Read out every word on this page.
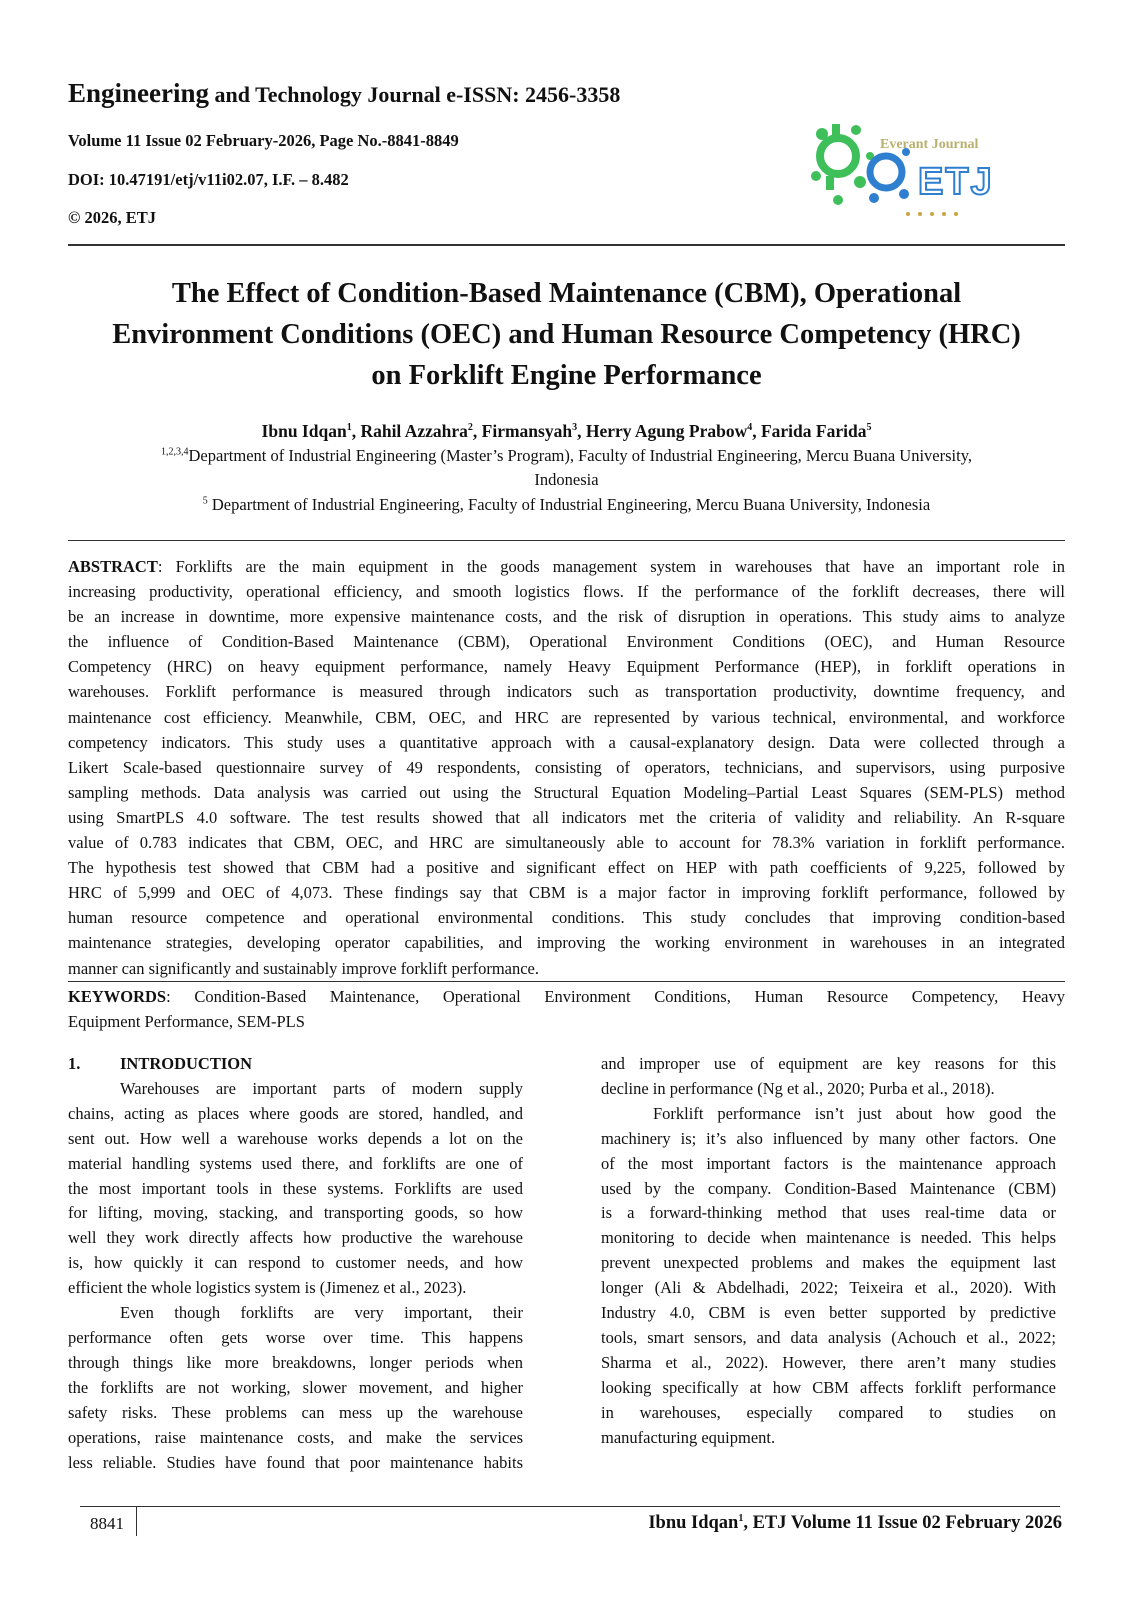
Engineering and Technology Journal e-ISSN: 2456-3358
Volume 11 Issue 02 February-2026, Page No.-8841-8849
DOI: 10.47191/etj/v11i02.07, I.F. – 8.482
© 2026, ETJ
Everant Journal
ETJ
The Effect of Condition-Based Maintenance (CBM), Operational
Environment Conditions (OEC) and Human Resource Competency (HRC)
on Forklift Engine Performance
Ibnu Idqan$^1$, Rahil Azzahra$^2$, Firmansyah$^3$, Herry Agung Prabow$^4$, Farida Farida$^5$
$^{1,2,3,4}$Department of Industrial Engineering (Master’s Program), Faculty of Industrial Engineering, Mercu Buana University,
Indonesia
$^5$ Department of Industrial Engineering, Faculty of Industrial Engineering, Mercu Buana University, Indonesia
ABSTRACT: Forklifts are the main equipment in the goods management system in warehouses that have an important role in
increasing productivity, operational efficiency, and smooth logistics flows. If the performance of the forklift decreases, there will
be an increase in downtime, more expensive maintenance costs, and the risk of disruption in operations. This study aims to analyze
the influence of Condition-Based Maintenance (CBM), Operational Environment Conditions (OEC), and Human Resource
Competency (HRC) on heavy equipment performance, namely Heavy Equipment Performance (HEP), in forklift operations in
warehouses. Forklift performance is measured through indicators such as transportation productivity, downtime frequency, and
maintenance cost efficiency. Meanwhile, CBM, OEC, and HRC are represented by various technical, environmental, and workforce
competency indicators. This study uses a quantitative approach with a causal-explanatory design. Data were collected through a
Likert Scale-based questionnaire survey of 49 respondents, consisting of operators, technicians, and supervisors, using purposive
sampling methods. Data analysis was carried out using the Structural Equation Modeling–Partial Least Squares (SEM-PLS) method
using SmartPLS 4.0 software. The test results showed that all indicators met the criteria of validity and reliability. An R-square
value of 0.783 indicates that CBM, OEC, and HRC are simultaneously able to account for 78.3% variation in forklift performance.
The hypothesis test showed that CBM had a positive and significant effect on HEP with path coefficients of 9,225, followed by
HRC of 5,999 and OEC of 4,073. These findings say that CBM is a major factor in improving forklift performance, followed by
human resource competence and operational environmental conditions. This study concludes that improving condition-based
maintenance strategies, developing operator capabilities, and improving the working environment in warehouses in an integrated
manner can significantly and sustainably improve forklift performance.
KEYWORDS: Condition-Based Maintenance, Operational Environment Conditions, Human Resource Competency, Heavy
Equipment Performance, SEM-PLS
1. INTRODUCTION
Warehouses are important parts of modern supply
chains, acting as places where goods are stored, handled, and
sent out. How well a warehouse works depends a lot on the
material handling systems used there, and forklifts are one of
the most important tools in these systems. Forklifts are used
for lifting, moving, stacking, and transporting goods, so how
well they work directly affects how productive the warehouse
is, how quickly it can respond to customer needs, and how
efficient the whole logistics system is (Jimenez et al., 2023).
Even though forklifts are very important, their
performance often gets worse over time. This happens
through things like more breakdowns, longer periods when
the forklifts are not working, slower movement, and higher
safety risks. These problems can mess up the warehouse
operations, raise maintenance costs, and make the services
less reliable. Studies have found that poor maintenance habits
and improper use of equipment are key reasons for this
decline in performance (Ng et al., 2020; Purba et al., 2018).
Forklift performance isn’t just about how good the
machinery is; it’s also influenced by many other factors. One
of the most important factors is the maintenance approach
used by the company. Condition-Based Maintenance (CBM)
is a forward-thinking method that uses real-time data or
monitoring to decide when maintenance is needed. This helps
prevent unexpected problems and makes the equipment last
longer (Ali & Abdelhadi, 2022; Teixeira et al., 2020). With
Industry 4.0, CBM is even better supported by predictive
tools, smart sensors, and data analysis (Achouch et al., 2022;
Sharma et al., 2022). However, there aren’t many studies
looking specifically at how CBM affects forklift performance
in warehouses, especially compared to studies on
manufacturing equipment.
8841	Ibnu Idqan$^1$, ETJ Volume 11 Issue 02 February 2026
